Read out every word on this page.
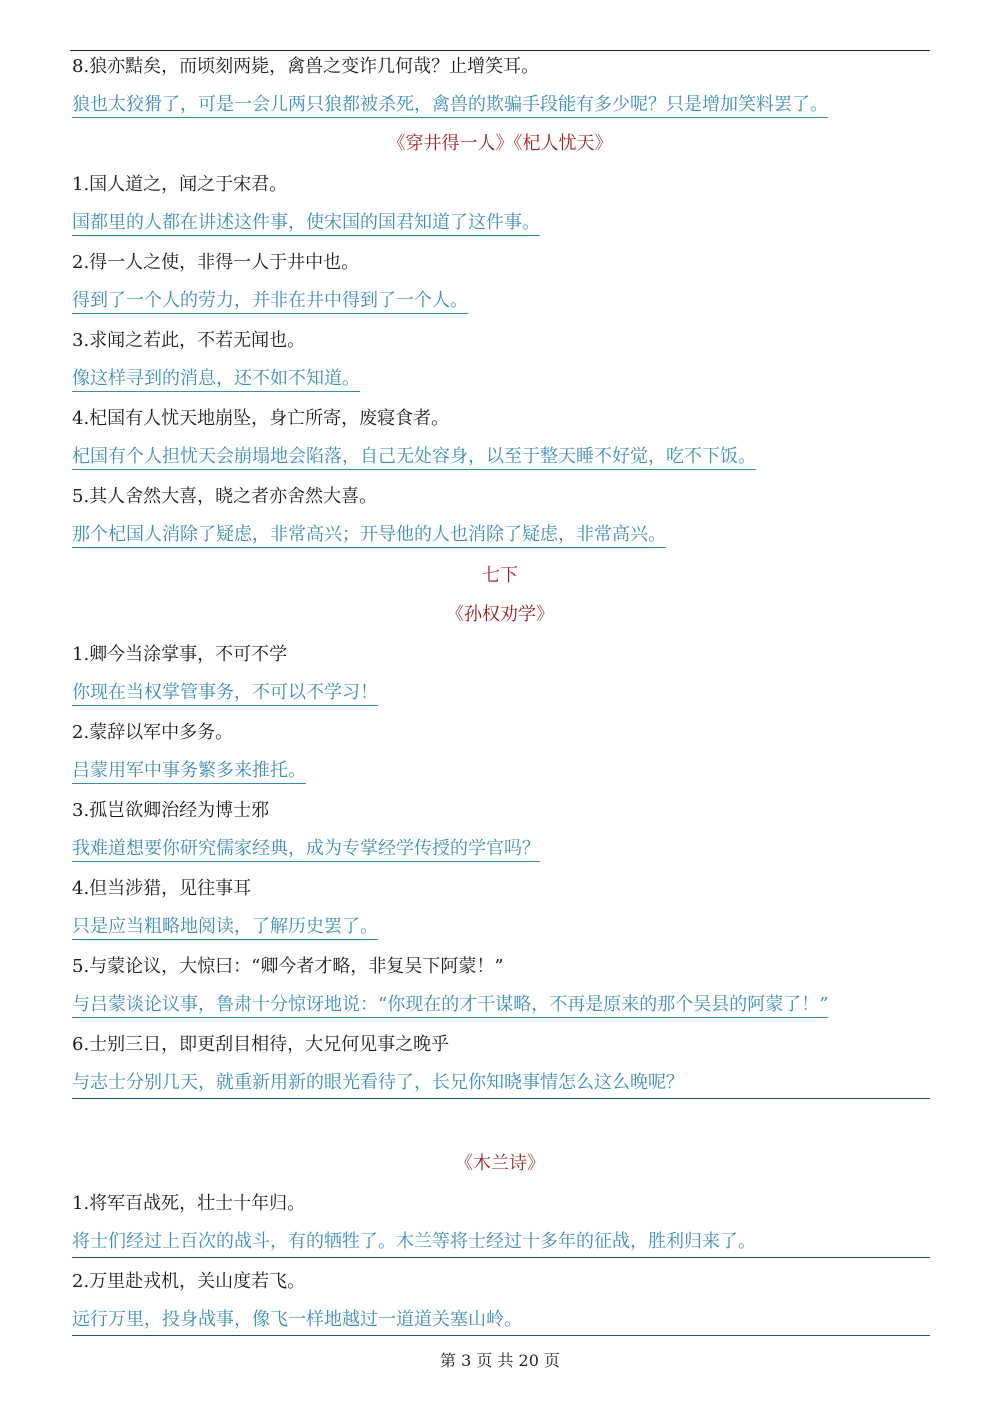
8.狼亦黠矣，而顷刻两毙，禽兽之变诈几何哉？止增笑耳。
狼也太狡猾了，可是一会儿两只狼都被杀死，禽兽的欺骗手段能有多少呢？只是增加笑料罢了。
《穿井得一人》《杞人忧天》
1.国人道之，闻之于宋君。
国都里的人都在讲述这件事，使宋国的国君知道了这件事。
2.得一人之使，非得一人于井中也。
得到了一个人的劳力，并非在井中得到了一个人。
3.求闻之若此，不若无闻也。
像这样寻到的消息，还不如不知道。
4.杞国有人忧天地崩坠，身亡所寄，废寝食者。
杞国有个人担忧天会崩塌地会陷落，自己无处容身，以至于整天睡不好觉，吃不下饭。
5.其人舍然大喜，晓之者亦舍然大喜。
那个杞国人消除了疑虑，非常高兴；开导他的人也消除了疑虑，非常高兴。
七下
《孙权劝学》
1.卿今当涂掌事，不可不学
你现在当权掌管事务，不可以不学习！
2.蒙辞以军中多务。
吕蒙用军中事务繁多来推托。
3.孤岂欲卿治经为博士邪
我难道想要你研究儒家经典，成为专掌经学传授的学官吗？
4.但当涉猎，见往事耳
只是应当粗略地阅读，了解历史罢了。
5.与蒙论议，大惊曰：“卿今者才略，非复吴下阿蒙！”
与吕蒙谈论议事，鲁肃十分惊讶地说：“你现在的才干谋略，不再是原来的那个吴县的阿蒙了！”
6.士别三日，即更刮目相待，大兄何见事之晚乎
与志士分别几天，就重新用新的眼光看待了，长兄你知晓事情怎么这么晚呢？
《木兰诗》
1.将军百战死，壮士十年归。
将士们经过上百次的战斗，有的牺牲了。木兰等将士经过十多年的征战，胜利归来了。
2.万里赴戎机，关山度若飞。
远行万里，投身战事，像飞一样地越过一道道关塞山岭。
第 3 页 共 20 页
